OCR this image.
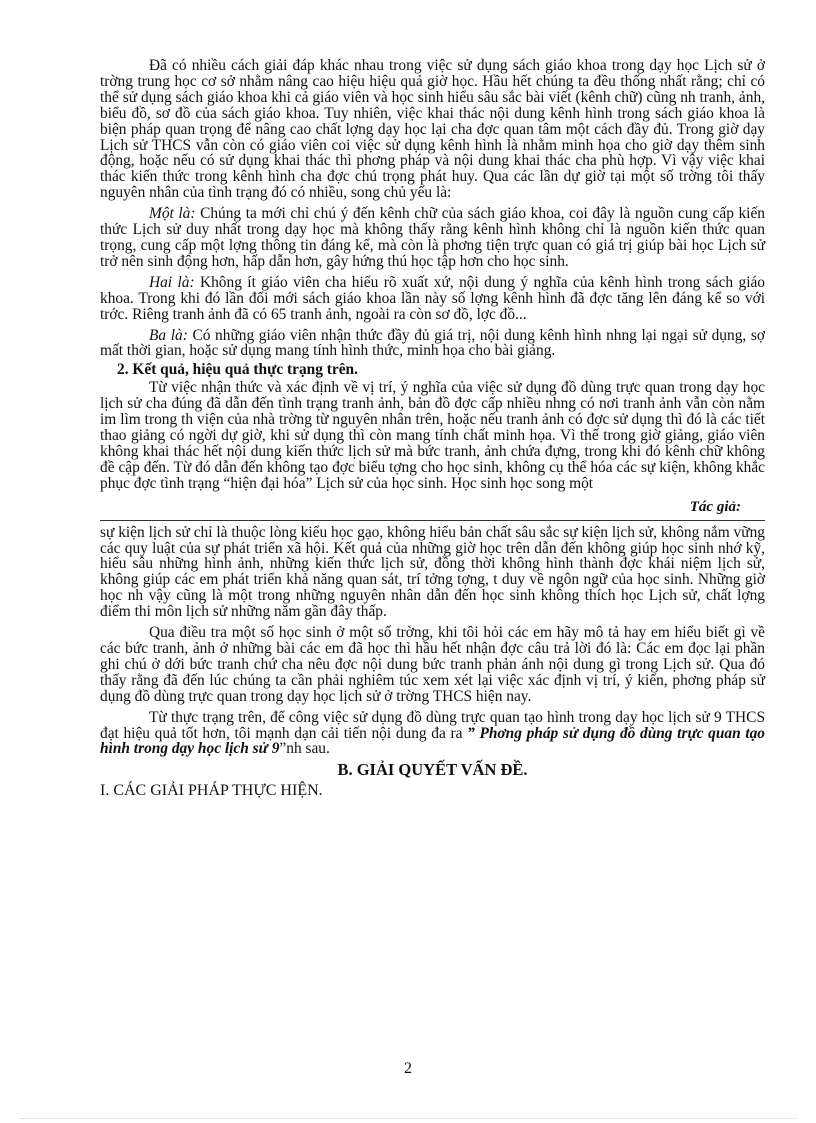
Đã có nhiều cách giải đáp khác nhau trong việc sử dụng sách giáo khoa trong dạy học Lịch sử ở trờng trung học cơ sở nhằm nâng cao hiệu hiệu quả giờ học. Hầu hết chúng ta đều thống nhất rằng; chỉ có thể sử dụng sách giáo khoa khi cả giáo viên và học sinh hiểu sâu sắc bài viết (kênh chữ) cũng nh tranh, ảnh, biểu đồ, sơ đồ của sách giáo khoa. Tuy nhiên, việc khai thác nội dung kênh hình trong sách giáo khoa là biện pháp quan trọng để nâng cao chất lợng dạy học lại cha đợc quan tâm một cách đầy đủ. Trong giờ dạy Lịch sử THCS vẫn còn có giáo viên coi việc sử dụng kênh hình là nhằm minh họa cho giờ dạy thêm sinh động, hoặc nếu có sử dụng khai thác thì phơng pháp và nội dung khai thác cha phù hợp. Vì vậy việc khai thác kiến thức trong kênh hình cha đợc chú trọng phát huy. Qua các lần dự giờ tại một số trờng tôi thấy nguyên nhân của tình trạng đó có nhiều, song chủ yếu là:

Một là: Chúng ta mới chỉ chú ý đến kênh chữ của sách giáo khoa, coi đây là nguồn cung cấp kiến thức Lịch sử duy nhất trong dạy học mà không thấy rằng kênh hình không chỉ là nguồn kiến thức quan trọng, cung cấp một lợng thông tin đáng kể, mà còn là phơng tiện trực quan có giá trị giúp bài học Lịch sử trở nên sinh động hơn, hấp dẫn hơn, gây hứng thú học tập hơn cho học sinh.

Hai là: Không ít giáo viên cha hiểu rõ xuất xứ, nội dung ý nghĩa của kênh hình trong sách giáo khoa. Trong khi đó lần đổi mới sách giáo khoa lần này số lợng kênh hình đã đợc tăng lên đáng kể so với trớc. Riêng tranh ảnh đã có 65 tranh ảnh, ngoài ra còn sơ đồ, lợc đồ...

Ba là: Có những giáo viên nhận thức đầy đủ giá trị, nội dung kênh hình nhng lại ngại sử dụng, sợ mất thời gian, hoặc sử dụng mang tính hình thức, minh họa cho bài giảng.

2. Kết quả, hiệu quả thực trạng trên.

Từ việc nhận thức và xác định về vị trí, ý nghĩa của việc sử dụng đồ dùng trực quan trong dạy học lịch sử cha đúng đã dẫn đến tình trạng tranh ảnh, bản đồ đợc cấp nhiều nhng có nơi tranh ảnh vẫn còn nằm im lìm trong th viện của nhà trờng từ nguyên nhân trên, hoặc nếu tranh ảnh có đợc sử dụng thì đó là các tiết thao giảng có ngời dự giờ, khi sử dụng thì còn mang tính chất minh họa. Vì thế trong giờ giảng, giáo viên không khai thác hết nội dung kiến thức lịch sử mà bức tranh, ảnh chứa đựng, trong khi đó kênh chữ không đề cập đến. Từ đó dẫn đến không tạo đợc biểu tợng cho học sinh, không cụ thể hóa các sự kiện, không khắc phục đợc tình trạng “hiện đại hóa” Lịch sử của học sinh. Học sinh học song một

Tác giả:

sự kiện lịch sử chỉ là thuộc lòng kiểu học gạo, không hiểu bản chất sâu sắc sự kiện lịch sử, không nắm vững các quy luật của sự phát triển xã hội. Kết quả của những giờ học trên dẫn đến không giúp học sinh nhớ kỹ, hiểu sâu những hình ảnh, những kiến thức lịch sử, đồng thời không hình thành đợc khái niệm lịch sử, không giúp các em phát triển khả năng quan sát, trí tởng tợng, t duy về ngôn ngữ của học sinh. Những giờ học nh vậy cũng là một trong những nguyên nhân dẫn đến học sinh không thích học Lịch sử, chất lợng điểm thi môn lịch sử những năm gần đây thấp.

Qua điều tra một số học sinh ở một số trờng, khi tôi hỏi các em hãy mô tả hay em hiểu biết gì về các bức tranh, ảnh ở những bài các em đã học thì hầu hết nhận đợc câu trả lời đó là: Các em đọc lại phần ghi chú ở dới bức tranh chứ cha nêu đợc nội dung bức tranh phản ánh nội dung gì trong Lịch sử. Qua đó thấy rằng đã đến lúc chúng ta cần phải nghiêm túc xem xét lại việc xác định vị trí, ý kiến, phơng pháp sử dụng đồ dùng trực quan trong dạy học lịch sử ở trờng THCS hiện nay.

Từ thực trạng trên, để công việc sử dụng đồ dùng trực quan tạo hình trong dạy học lịch sử 9 THCS đạt hiệu quả tốt hơn, tôi mạnh dạn cải tiến nội dung đa ra ” Phơng pháp sử dụng đồ dùng trực quan tạo hình trong dạy học lịch sử 9”nh sau.

B. GIẢI QUYẾT VẤN ĐỀ.
I. CÁC GIẢI PHÁP THỰC HIỆN.
2
